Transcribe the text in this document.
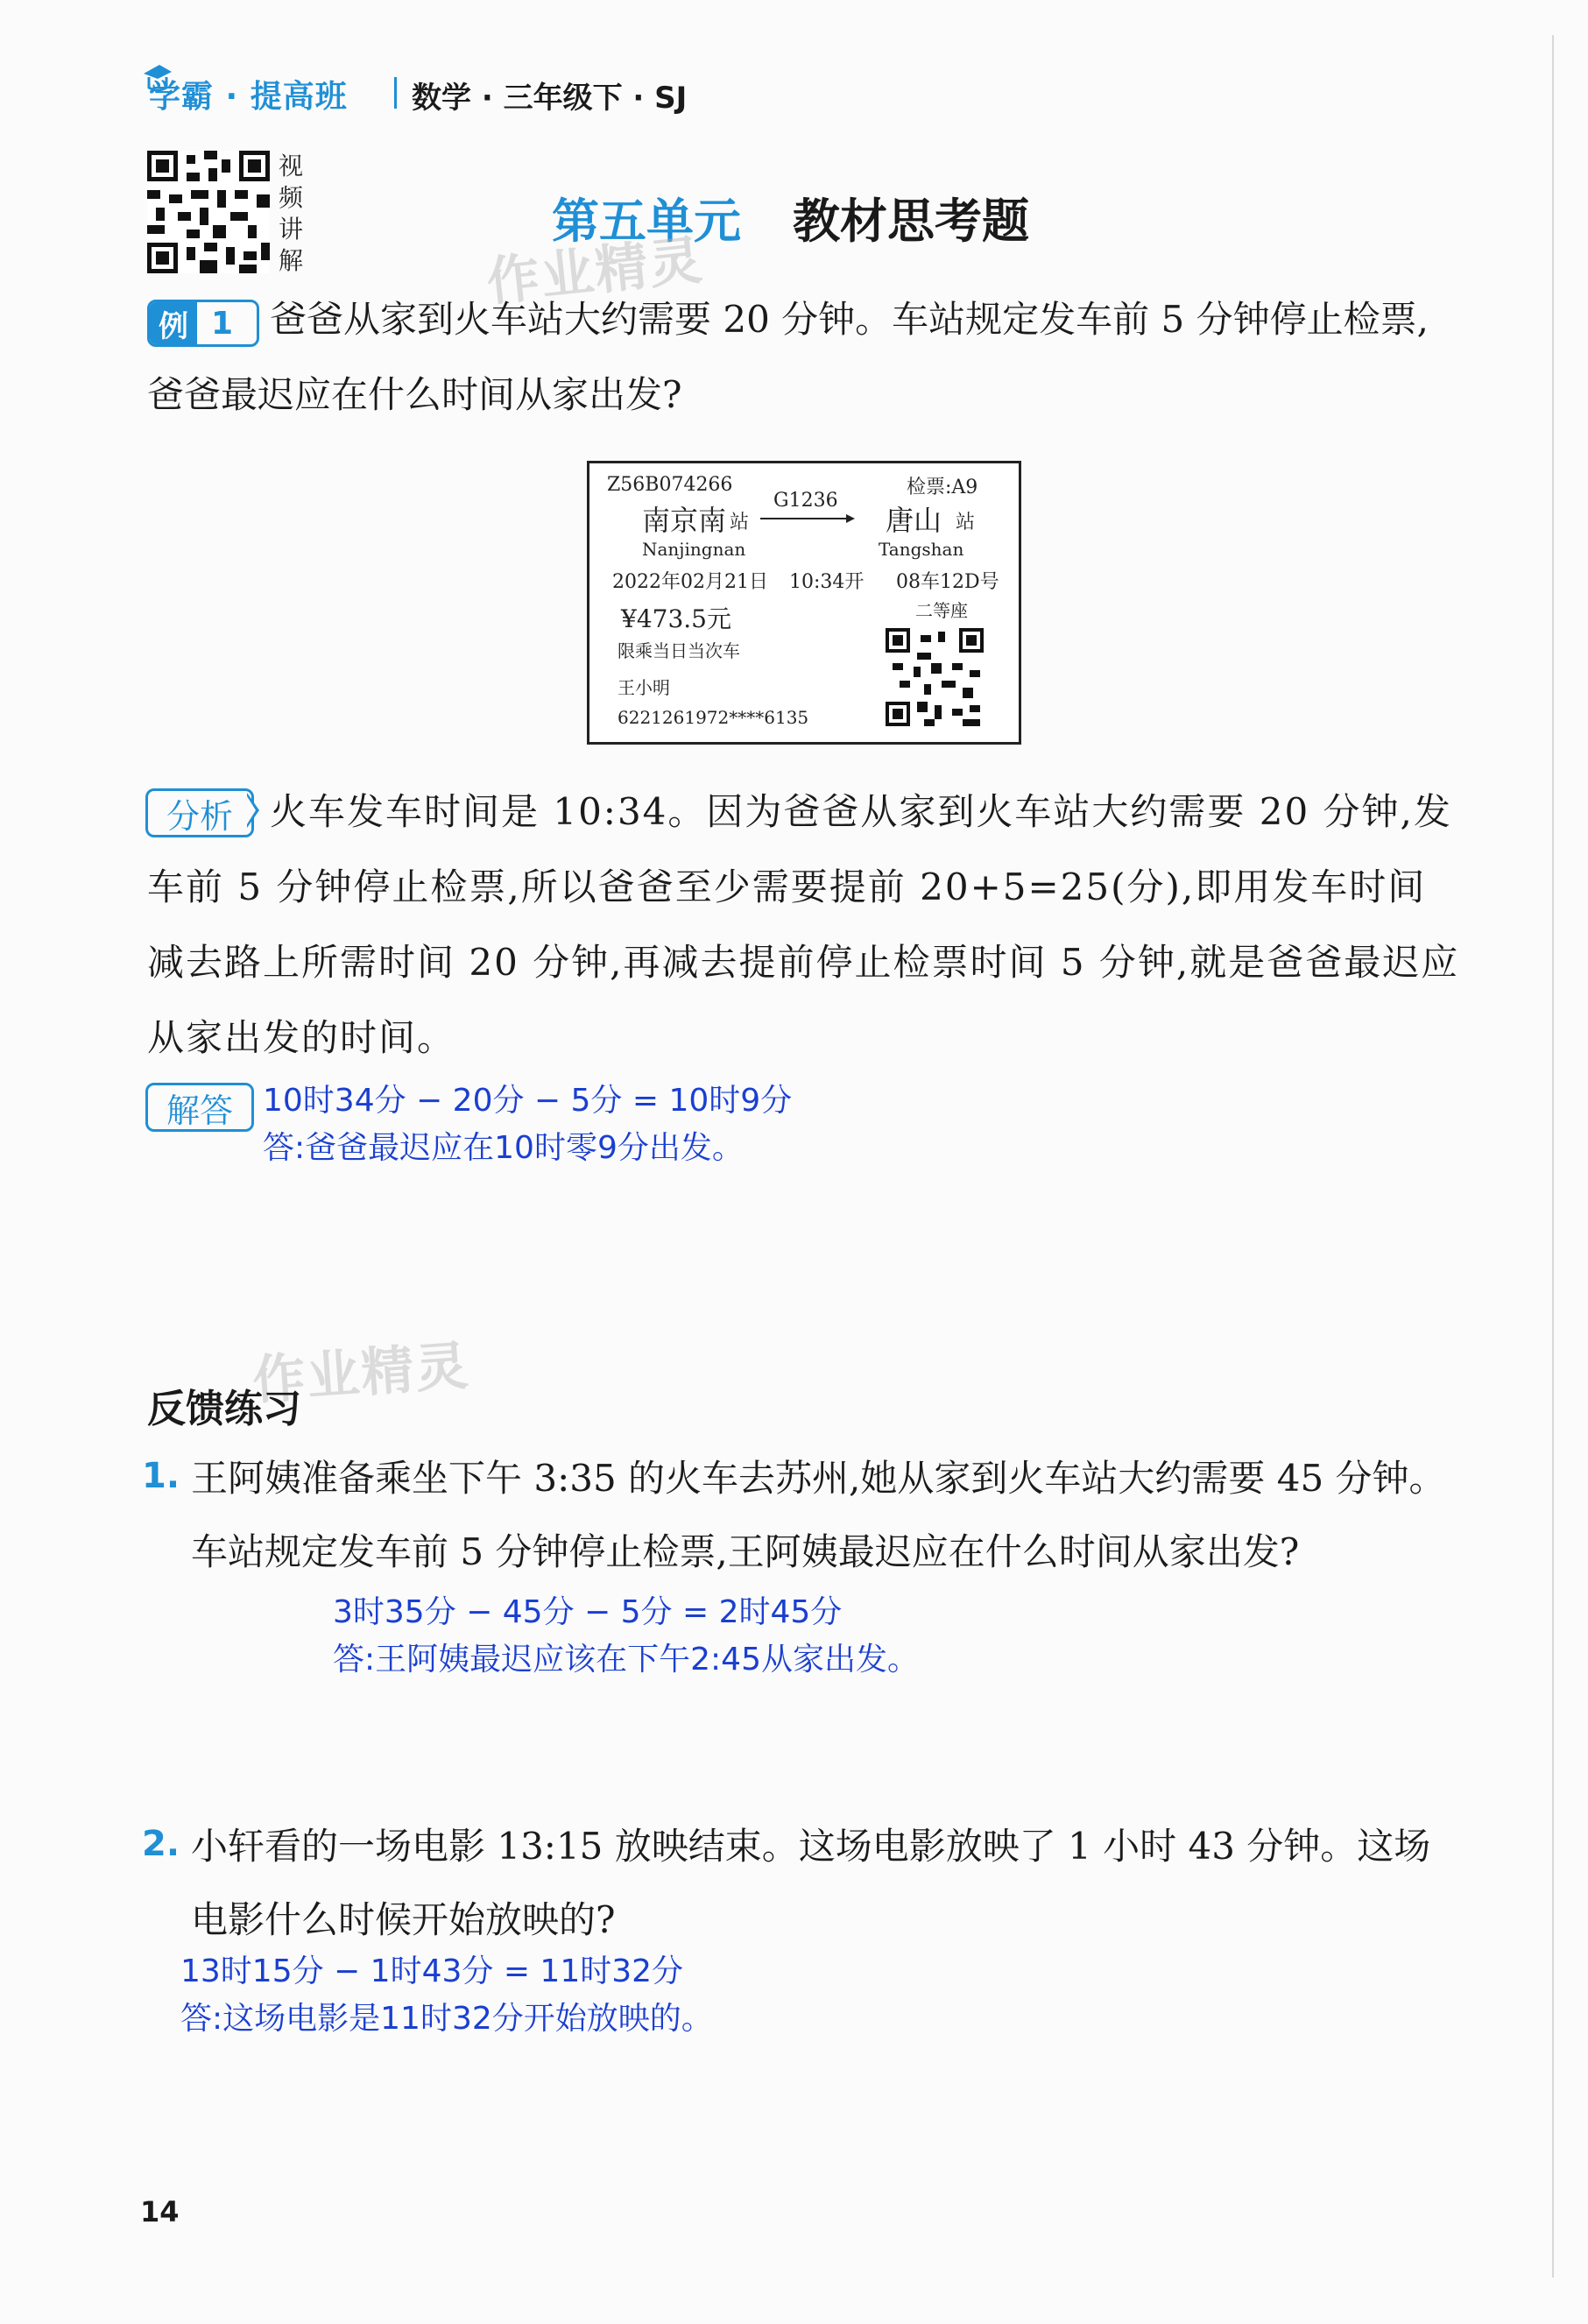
学霸 · 提高班 数学 · 三年级下 · SJ
视
频
讲
解
第五单元 教材思考题
作业精灵
例 1 爸爸从家到火车站大约需要 20 分钟。车站规定发车前 5 分钟停止检票,爸爸最迟应在什么时间从家出发?
Z56B074266	检票:A9
南京南 站
G1236
唐山 站
Nanjingnan	Tangshan
2022年02月21日 10:34开 08车12D号
¥473.5元	二等座
限乘当日当次车
王小明
6221261972****6135
分析	火车发车时间是 10:34。因为爸爸从家到火车站大约需要 20 分钟,发车前 5 分钟停止检票,所以爸爸至少需要提前 20+5=25(分),即用发车时间减去路上所需时间 20 分钟,再减去提前停止检票时间 5 分钟,就是爸爸最迟应从家出发的时间。
解答 10时34分 − 20分 − 5分 = 10时9分
答:爸爸最迟应在10时零9分出发。
作业精灵
反馈练习
1. 王阿姨准备乘坐下午 3:35 的火车去苏州,她从家到火车站大约需要 45 分钟。车站规定发车前 5 分钟停止检票,王阿姨最迟应在什么时间从家出发?
3时35分 − 45分 − 5分 = 2时45分
答:王阿姨最迟应该在下午2:45从家出发。
2. 小轩看的一场电影 13:15 放映结束。这场电影放映了 1 小时 43 分钟。这场电影什么时候开始放映的?
13时15分 − 1时43分 = 11时32分
答:这场电影是11时32分开始放映的。
14
